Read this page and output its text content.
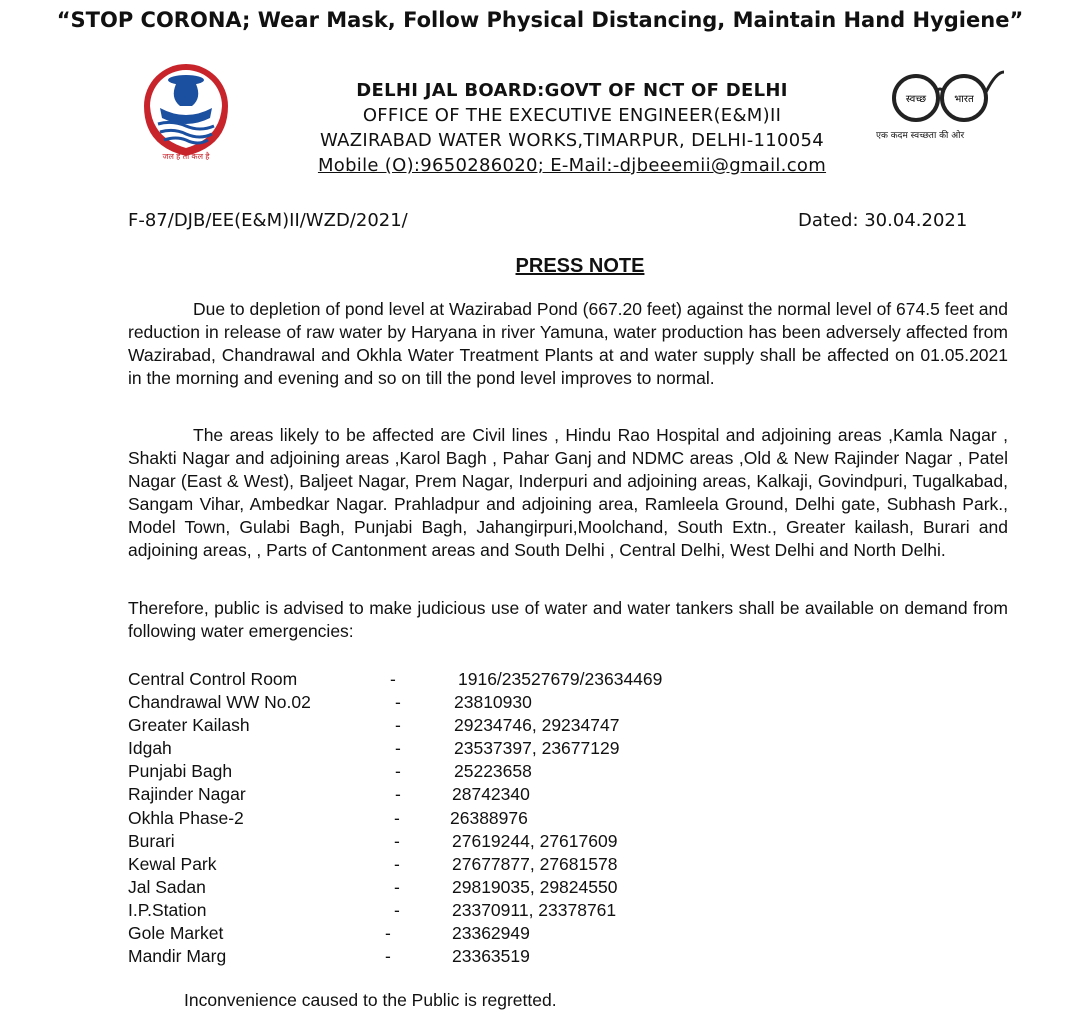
“STOP CORONA; Wear Mask, Follow Physical Distancing, Maintain Hand Hygiene”
जल है तो कल है
स्वच्छ	भारत
एक कदम स्वच्छता की ओर
DELHI JAL BOARD:GOVT OF NCT OF DELHI
OFFICE OF THE EXECUTIVE ENGINEER(E&M)II
WAZIRABAD WATER WORKS,TIMARPUR, DELHI-110054
Mobile (O):9650286020; E-Mail:-djbeeemii@gmail.com
F-87/DJB/EE(E&M)II/WZD/2021/	Dated: 30.04.2021
PRESS NOTE

Due to depletion of pond level at Wazirabad Pond (667.20 feet) against the normal level of 674.5 feet and reduction in release of raw water by Haryana in river Yamuna, water production has been adversely affected from Wazirabad, Chandrawal and Okhla Water Treatment Plants at and water supply shall be affected on 01.05.2021 in the morning and evening and so on till the pond level improves to normal.

The areas likely to be affected are Civil lines , Hindu Rao Hospital and adjoining areas ,Kamla Nagar , Shakti Nagar and adjoining areas ,Karol Bagh , Pahar Ganj and NDMC areas ,Old & New Rajinder Nagar , Patel Nagar (East & West), Baljeet Nagar, Prem Nagar, Inderpuri and adjoining areas, Kalkaji, Govindpuri, Tugalkabad, Sangam Vihar, Ambedkar Nagar. Prahladpur and adjoining area, Ramleela Ground, Delhi gate, Subhash Park., Model Town, Gulabi Bagh, Punjabi Bagh, Jahangirpuri,Moolchand, South Extn., Greater kailash, Burari and adjoining areas, , Parts of Cantonment areas and South Delhi , Central Delhi, West Delhi and North Delhi.

Therefore, public is advised to make judicious use of water and water tankers shall be available on demand from following water emergencies:

Central Control Room	-	1916/23527679/23634469
Chandrawal WW No.02	-	23810930
Greater Kailash	-	29234746, 29234747
Idgah	-	23537397, 23677129
Punjabi Bagh	-	25223658
Rajinder Nagar	-	28742340
Okhla Phase-2	-	26388976
Burari	-	27619244, 27617609
Kewal Park	-	27677877, 27681578
Jal Sadan	-	29819035, 29824550
I.P.Station	-	23370911, 23378761
Gole Market	-	23362949
Mandir Marg	-	23363519
Inconvenience caused to the Public is regretted.
